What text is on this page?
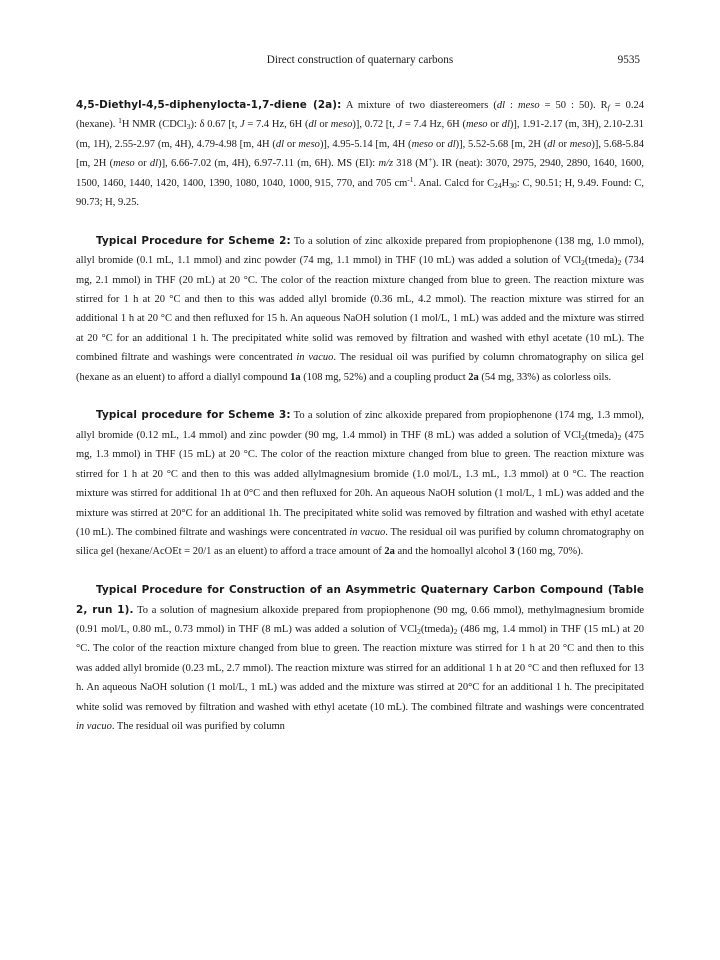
Direct construction of quaternary carbons	9535

4,5-Diethyl-4,5-diphenylocta-1,7-diene (2a): A mixture of two diastereomers (dl : meso = 50 : 50). $R_f = 0.24$ (hexane). $^1$H NMR (CDCl$_3$): δ 0.67 [t, J = 7.4 Hz, 6H (dl or meso)], 0.72 [t, J = 7.4 Hz, 6H (meso or dl)], 1.91-2.17 (m, 3H), 2.10-2.31 (m, 1H), 2.55-2.97 (m, 4H), 4.79-4.98 [m, 4H (dl or meso)], 4.95-5.14 [m, 4H (meso or dl)], 5.52-5.68 [m, 2H (dl or meso)], 5.68-5.84 [m, 2H (meso or dl)], 6.66-7.02 (m, 4H), 6.97-7.11 (m, 6H). MS (EI): m/z 318 (M+). IR (neat): 3070, 2975, 2940, 2890, 1640, 1600, 1500, 1460, 1440, 1420, 1400, 1390, 1080, 1040, 1000, 915, 770, and 705 $cm^{-1}$. Anal. Calcd for $C_{24}H_{30}$: C, 90.51; H, 9.49. Found: C, 90.73; H, 9.25.

Typical Procedure for Scheme 2: To a solution of zinc alkoxide prepared from propiophenone (138 mg, 1.0 mmol), allyl bromide (0.1 mL, 1.1 mmol) and zinc powder (74 mg, 1.1 mmol) in THF (10 mL) was added a solution of $VCl_2(tmeda)_2$ (734 mg, 2.1 mmol) in THF (20 mL) at 20 °C. The color of the reaction mixture changed from blue to green. The reaction mixture was stirred for 1 h at 20 °C and then to this was added allyl bromide (0.36 mL, 4.2 mmol). The reaction mixture was stirred for an additional 1 h at 20 °C and then refluxed for 15 h. An aqueous NaOH solution (1 mol/L, 1 mL) was added and the mixture was stirred at 20 °C for an additional 1 h. The precipitated white solid was removed by filtration and washed with ethyl acetate (10 mL). The combined filtrate and washings were concentrated in vacuo. The residual oil was purified by column chromatography on silica gel (hexane as an eluent) to afford a diallyl compound 1a (108 mg, 52%) and a coupling product 2a (54 mg, 33%) as colorless oils.

Typical procedure for Scheme 3: To a solution of zinc alkoxide prepared from propiophenone (174 mg, 1.3 mmol), allyl bromide (0.12 mL, 1.4 mmol) and zinc powder (90 mg, 1.4 mmol) in THF (8 mL) was added a solution of $VCl_2(tmeda)_2$ (475 mg, 1.3 mmol) in THF (15 mL) at 20 °C. The color of the reaction mixture changed from blue to green. The reaction mixture was stirred for 1 h at 20 °C and then to this was added allylmagnesium bromide (1.0 mol/L, 1.3 mL, 1.3 mmol) at 0 °C. The reaction mixture was stirred for additional 1h at 0°C and then refluxed for 20h. An aqueous NaOH solution (1 mol/L, 1 mL) was added and the mixture was stirred at 20°C for an additional 1h. The precipitated white solid was removed by filtration and washed with ethyl acetate (10 mL). The combined filtrate and washings were concentrated in vacuo. The residual oil was purified by column chromatography on silica gel (hexane/AcOEt = 20/1 as an eluent) to afford a trace amount of 2a and the homoallyl alcohol 3 (160 mg, 70%).

Typical Procedure for Construction of an Asymmetric Quaternary Carbon Compound (Table 2, run 1). To a solution of magnesium alkoxide prepared from propiophenone (90 mg, 0.66 mmol), methylmagnesium bromide (0.91 mol/L, 0.80 mL, 0.73 mmol) in THF (8 mL) was added a solution of $VCl_2(tmeda)_2$ (486 mg, 1.4 mmol) in THF (15 mL) at 20 °C. The color of the reaction mixture changed from blue to green. The reaction mixture was stirred for 1 h at 20 °C and then to this was added allyl bromide (0.23 mL, 2.7 mmol). The reaction mixture was stirred for an additional 1 h at 20 °C and then refluxed for 13 h. An aqueous NaOH solution (1 mol/L, 1 mL) was added and the mixture was stirred at 20°C for an additional 1 h. The precipitated white solid was removed by filtration and washed with ethyl acetate (10 mL). The combined filtrate and washings were concentrated in vacuo. The residual oil was purified by column
